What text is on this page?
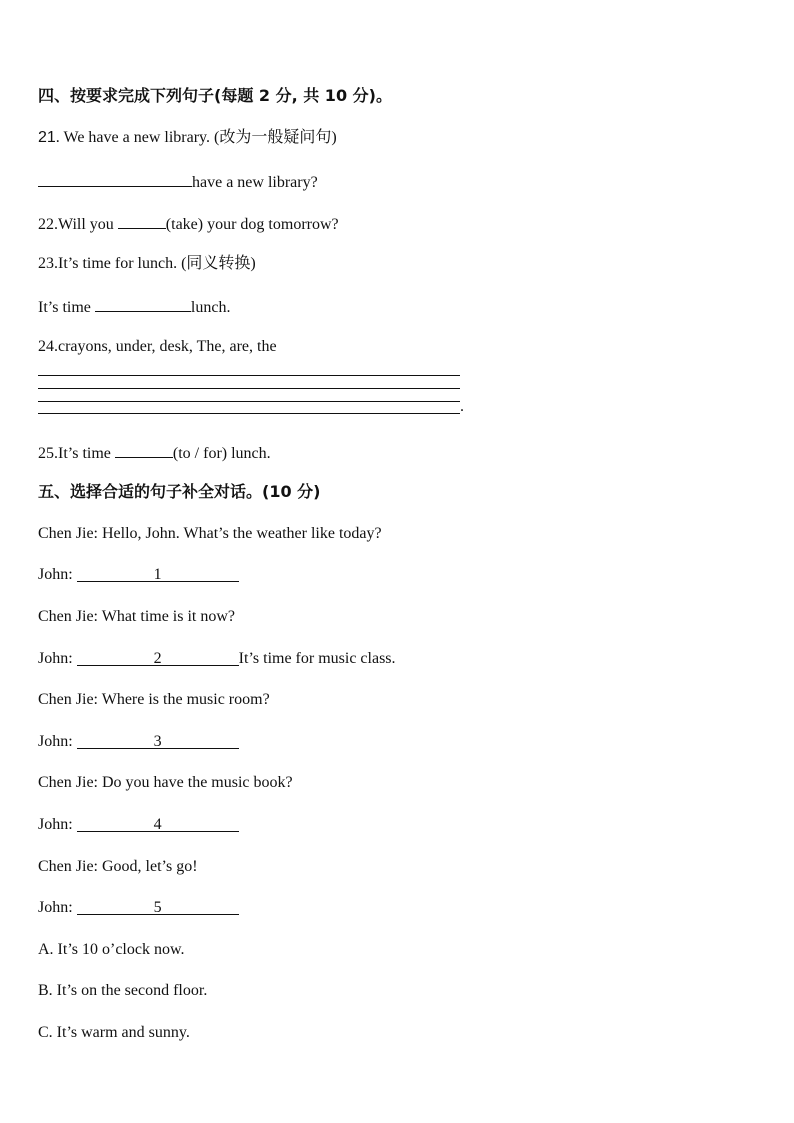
四、按要求完成下列句子(每题 2 分, 共 10 分)。
21. We have a new library. (改为一般疑问句)
have a new library?
22.Will you	(take) your dog tomorrow?
23.It’s time for lunch. (同义转换)
It’s time	lunch.
24.crayons, under, desk, The, are, the
.
25.It’s time	(to / for) lunch.
五、选择合适的句子补全对话。(10 分)
Chen Jie: Hello, John. What’s the weather like today?
John:	1
Chen Jie: What time is it now?
John:	2	It’s time for music class.
Chen Jie: Where is the music room?
John:	3
Chen Jie: Do you have the music book?
John:	4
Chen Jie: Good, let’s go!
John:	5
A. It’s 10 o’clock now.
B. It’s on the second floor.
C. It’s warm and sunny.
